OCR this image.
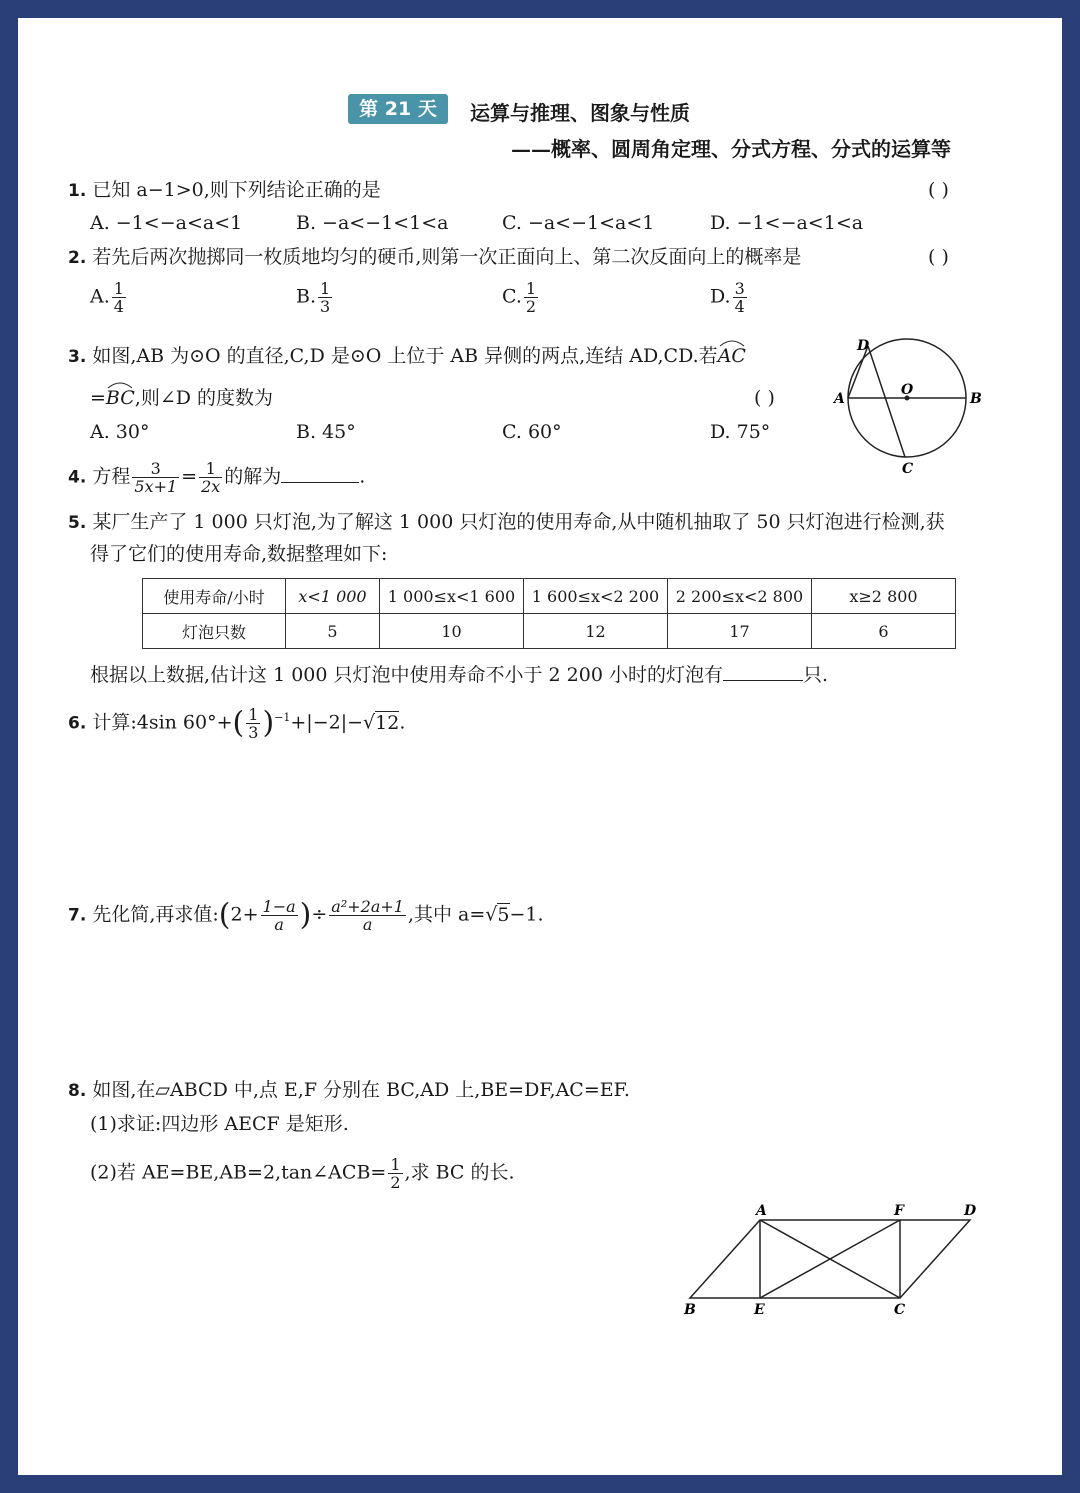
第 21 天	运算与推理、图象与性质
——概率、圆周角定理、分式方程、分式的运算等
1. 已知 a−1>0,则下列结论正确的是	( )
A. −1<−a<a<1	B. −a<−1<1<a	C. −a<−1<a<1	D. −1<−a<1<a
2. 若先后两次抛掷同一枚质地均匀的硬币,则第一次正面向上、第二次反面向上的概率是	( )
A. $\frac{1}{4}$	B. $\frac{1}{3}$	C. $\frac{1}{2}$	D. $\frac{3}{4}$
3. 如图,AB 为⊙O 的直径,C,D 是⊙O 上位于 AB 异侧的两点,连结 AD,CD.若AC
=BC
,则∠D 的度数为	( )
A. 30°	B. 45°	C. 60°	D. 75°
D
A
O
B
C
4. 方程 $\frac{3}{5x+1} = \frac{1}{2x}$ 的解为	.
5. 某厂生产了 1 000 只灯泡,为了解这 1 000 只灯泡的使用寿命,从中随机抽取了 50 只灯泡进行检测,获
得了它们的使用寿命,数据整理如下:
使用寿命/小时	x<1 000	1 000≤x<1 600	1 600≤x<2 200	2 200≤x<2 800	x≥2 800
灯泡只数	5	10	12	17	6
根据以上数据,估计这 1 000 只灯泡中使用寿命不小于 2 200 小时的灯泡有	只.
6. 计算:4sin $60^\circ+( \frac{1}{3} )^{-1}+|-2|-√12$.
7. 先化简,再求值:(2+ $\frac{1-a}{a}$ )÷ $\frac{\text{a²+2a+1}}{a}$ ,其中 a=√5−1.
8. 如图,在▱ABCD 中,点 E,F 分别在 BC,AD 上,BE=DF,AC=EF.
(1)求证:四边形 AECF 是矩形.
(2)若 AE=BE,AB=2,tan∠ACB= $\frac{1}{2}$ ,求 BC 的长.
A	F	D
B	E	C
